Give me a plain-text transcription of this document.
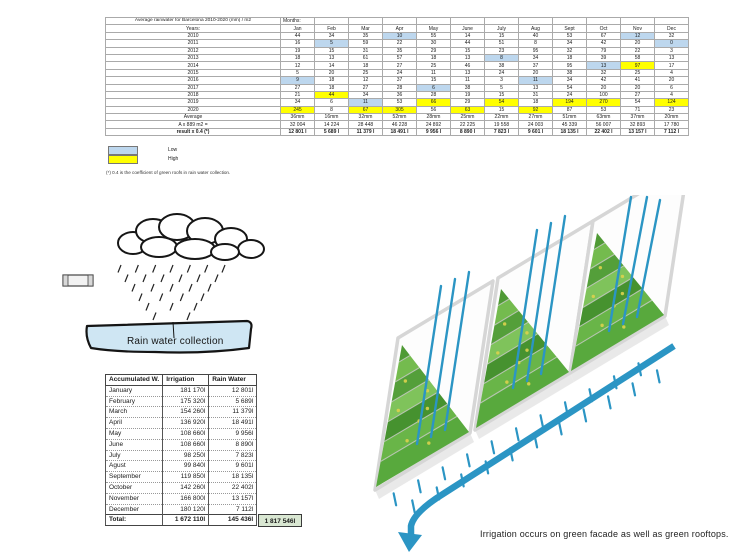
Average rainwater for Barcelona 2010-2020 (mm) / m2	Months:											
Years:	Jan	Feb	Mar	Apr	May	June	July	Aug	Sept	Oct	Nov	Dec
2010	44	34	35	10	55	14	15	40	53	67	12	32
2011	16	5	59	22	30	44	51	8	34	42	20	0
2012	19	15	31	35	29	15	23	95	32	79	22	3
2013	18	13	61	57	18	13	8	34	18	39	58	13
2014	12	14	18	27	25	46	38	37	95	13	97	17
2015	5	20	25	24	11	13	24	20	38	32	25	4
2016	9	18	12	37	15	11	3	11	34	42	41	20
2017	27	18	27	28	6	38	5	13	54	20	20	6
2018	21	44	34	36	28	19	15	31	24	100	27	4
2019	34	6	11	53	66	29	54	18	194	270	54	124
2020	245	8	67	305	56	63	15	92	87	53	71	23
Average	36mm	16mm	32mm	52mm	28mm	25mm	22mm	27mm	51mm	63mm	37mm	20mm
A x 889 m2 =	32 004	14 224	28 448	46 228	24 892	22 225	19 558	24 003	45 339	56 007	32 893	17 780
result x 0.4 (*)	12 801 l	5 689 l	11 379 l	18 491 l	9 956 l	8 890 l	7 823 l	9 601 l	18 135 l	22 402 l	13 157 l	7 112 l
Low
High
(*) 0.4 is the coefficient of green roofs in rain water collection.
Rain water collection
Accumulated W.	Irrigation	Rain Water
January	181 170l	12 801l
February	175 320l	5 689l
March	154 260l	11 379l
April	136 920l	18 491l
May	108 660l	9 956l
June	108 660l	8 890l
July	98 250l	7 823l
Agust	99 840l	9 601l
September	119 850l	18 135l
October	142 260l	22 402l
November	166 800l	13 157l
December	180 120l	7 112l
Total:	1 672 110l	145 436l	1 817 546l
Irrigation occurs on green facade as well as green rooftops.
